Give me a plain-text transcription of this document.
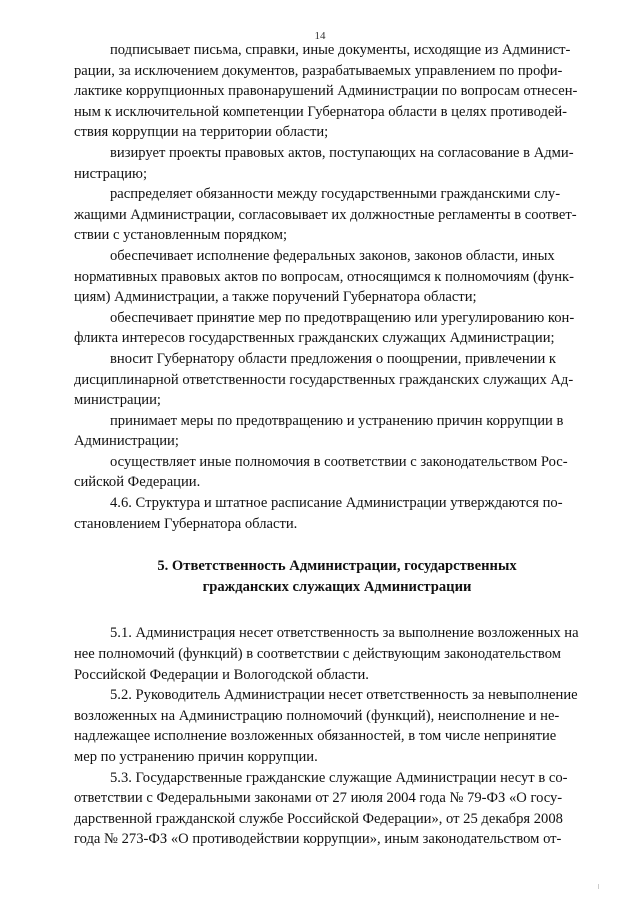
14

подписывает письма, справки, иные документы, исходящие из Админист-
рации, за исключением документов, разрабатываемых управлением по профи-
лактике коррупционных правонарушений Администрации по вопросам отнесен-
ным к исключительной компетенции Губернатора области в целях противодей-
ствия коррупции на территории области;

визирует проекты правовых актов, поступающих на согласование в Адми-
нистрацию;

распределяет обязанности между государственными гражданскими слу-
жащими Администрации, согласовывает их должностные регламенты в соответ-
ствии с установленным порядком;

обеспечивает исполнение федеральных законов, законов области, иных
нормативных правовых актов по вопросам, относящимся к полномочиям (функ-
циям) Администрации, а также поручений Губернатора области;

обеспечивает принятие мер по предотвращению или урегулированию кон-
фликта интересов государственных гражданских служащих Администрации;

вносит Губернатору области предложения о поощрении, привлечении к
дисциплинарной ответственности государственных гражданских служащих Ад-
министрации;

принимает меры по предотвращению и устранению причин коррупции в
Администрации;

осуществляет иные полномочия в соответствии с законодательством Рос-
сийской Федерации.

4.6. Структура и штатное расписание Администрации утверждаются по-
становлением Губернатора области.

5. Ответственность Администрации, государственных
гражданских служащих Администрации

5.1. Администрация несет ответственность за выполнение возложенных на
нее полномочий (функций) в соответствии с действующим законодательством
Российской Федерации и Вологодской области.

5.2. Руководитель Администрации несет ответственность за невыполнение
возложенных на Администрацию полномочий (функций), неисполнение и не-
надлежащее исполнение возложенных обязанностей, в том числе непринятие
мер по устранению причин коррупции.

5.3. Государственные гражданские служащие Администрации несут в со-
ответствии с Федеральными законами от 27 июля 2004 года № 79-ФЗ «О госу-
дарственной гражданской службе Российской Федерации», от 25 декабря 2008
года № 273-ФЗ «О противодействии коррупции», иным законодательством от-
